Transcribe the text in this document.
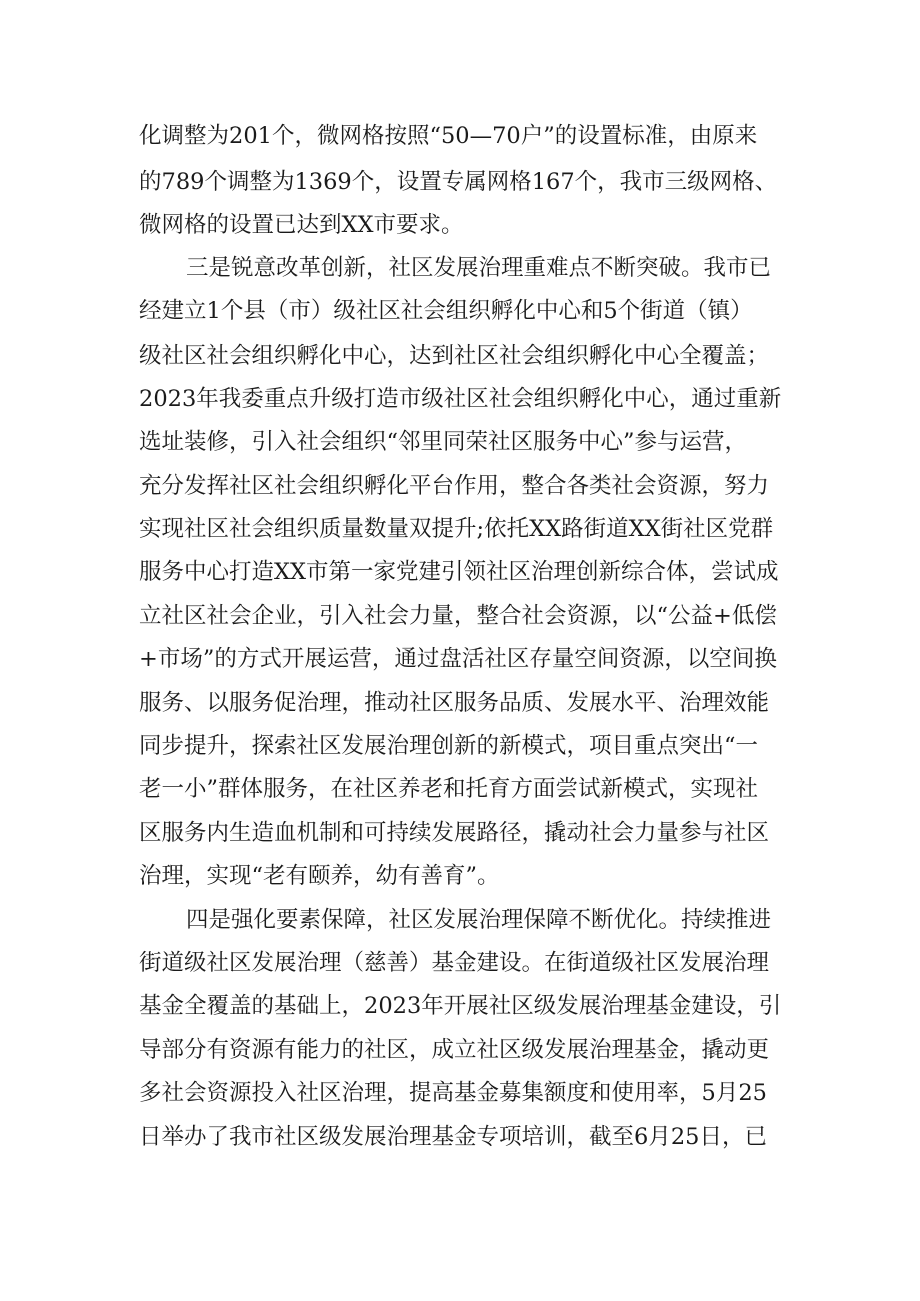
化调整为201个，微网格按照“50—70户”的设置标准，由原来
的789个调整为1369个，设置专属网格167个，我市三级网格、
微网格的设置已达到XX市要求。
三是锐意改革创新，社区发展治理重难点不断突破。我市已
经建立1个县（市）级社区社会组织孵化中心和5个街道（镇）
级社区社会组织孵化中心，达到社区社会组织孵化中心全覆盖；
2023年我委重点升级打造市级社区社会组织孵化中心，通过重新
选址装修，引入社会组织“邻里同荣社区服务中心”参与运营，
充分发挥社区社会组织孵化平台作用，整合各类社会资源，努力
实现社区社会组织质量数量双提升;依托XX路街道XX街社区党群
服务中心打造XX市第一家党建引领社区治理创新综合体，尝试成
立社区社会企业，引入社会力量，整合社会资源，以“公益+低偿
+市场”的方式开展运营，通过盘活社区存量空间资源，以空间换
服务、以服务促治理，推动社区服务品质、发展水平、治理效能
同步提升，探索社区发展治理创新的新模式，项目重点突出“一
老一小”群体服务，在社区养老和托育方面尝试新模式，实现社
区服务内生造血机制和可持续发展路径，撬动社会力量参与社区
治理，实现“老有颐养，幼有善育”。
四是强化要素保障，社区发展治理保障不断优化。持续推进
街道级社区发展治理（慈善）基金建设。在街道级社区发展治理
基金全覆盖的基础上，2023年开展社区级发展治理基金建设，引
导部分有资源有能力的社区，成立社区级发展治理基金，撬动更
多社会资源投入社区治理，提高基金募集额度和使用率，5月25
日举办了我市社区级发展治理基金专项培训，截至6月25日，已
